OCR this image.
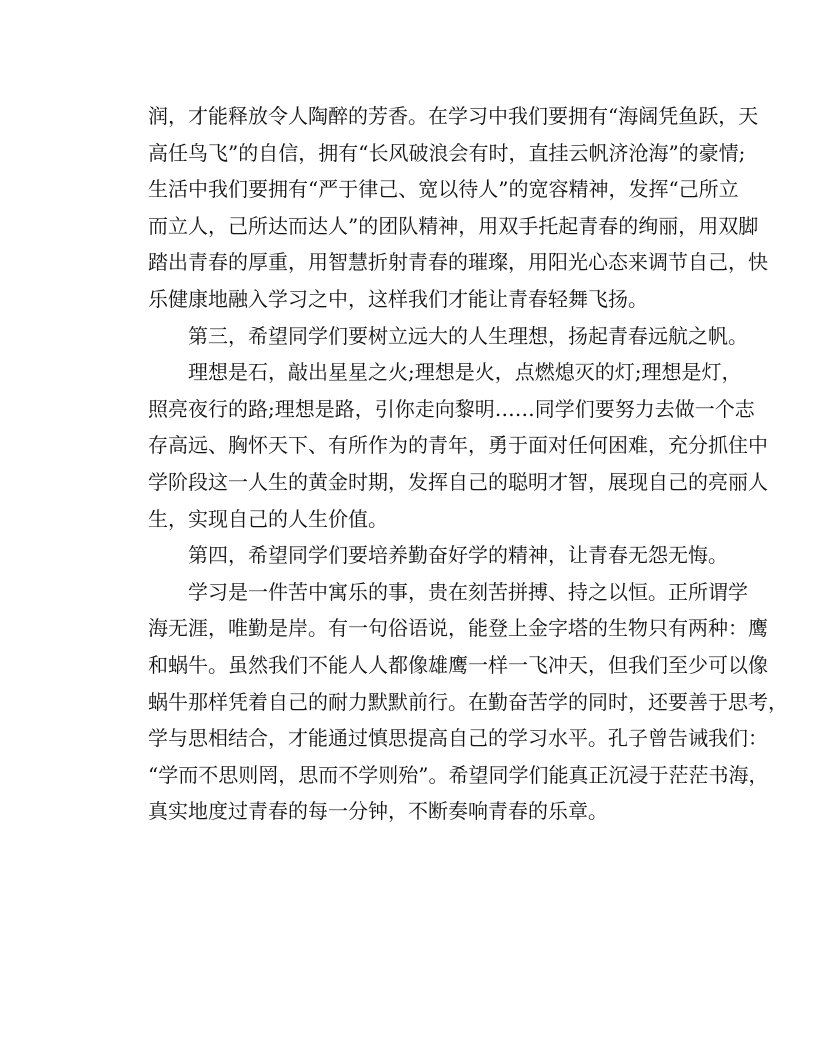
润，才能释放令人陶醉的芳香。在学习中我们要拥有“海阔凭鱼跃，天
高任鸟飞”的自信，拥有“长风破浪会有时，直挂云帆济沧海”的豪情;
生活中我们要拥有“严于律己、宽以待人”的宽容精神，发挥“己所立
而立人，己所达而达人”的团队精神，用双手托起青春的绚丽，用双脚
踏出青春的厚重，用智慧折射青春的璀璨，用阳光心态来调节自己，快
乐健康地融入学习之中，这样我们才能让青春轻舞飞扬。
第三，希望同学们要树立远大的人生理想，扬起青春远航之帆。
理想是石，敲出星星之火;理想是火，点燃熄灭的灯;理想是灯，
照亮夜行的路;理想是路，引你走向黎明……同学们要努力去做一个志
存高远、胸怀天下、有所作为的青年，勇于面对任何困难，充分抓住中
学阶段这一人生的黄金时期，发挥自己的聪明才智，展现自己的亮丽人
生，实现自己的人生价值。
第四，希望同学们要培养勤奋好学的精神，让青春无怨无悔。
学习是一件苦中寓乐的事，贵在刻苦拼搏、持之以恒。正所谓学
海无涯，唯勤是岸。有一句俗语说，能登上金字塔的生物只有两种：鹰
和蜗牛。虽然我们不能人人都像雄鹰一样一飞冲天，但我们至少可以像
蜗牛那样凭着自己的耐力默默前行。在勤奋苦学的同时，还要善于思考，
学与思相结合，才能通过慎思提高自己的学习水平。孔子曾告诫我们：
“学而不思则罔，思而不学则殆”。希望同学们能真正沉浸于茫茫书海，
真实地度过青春的每一分钟，不断奏响青春的乐章。
